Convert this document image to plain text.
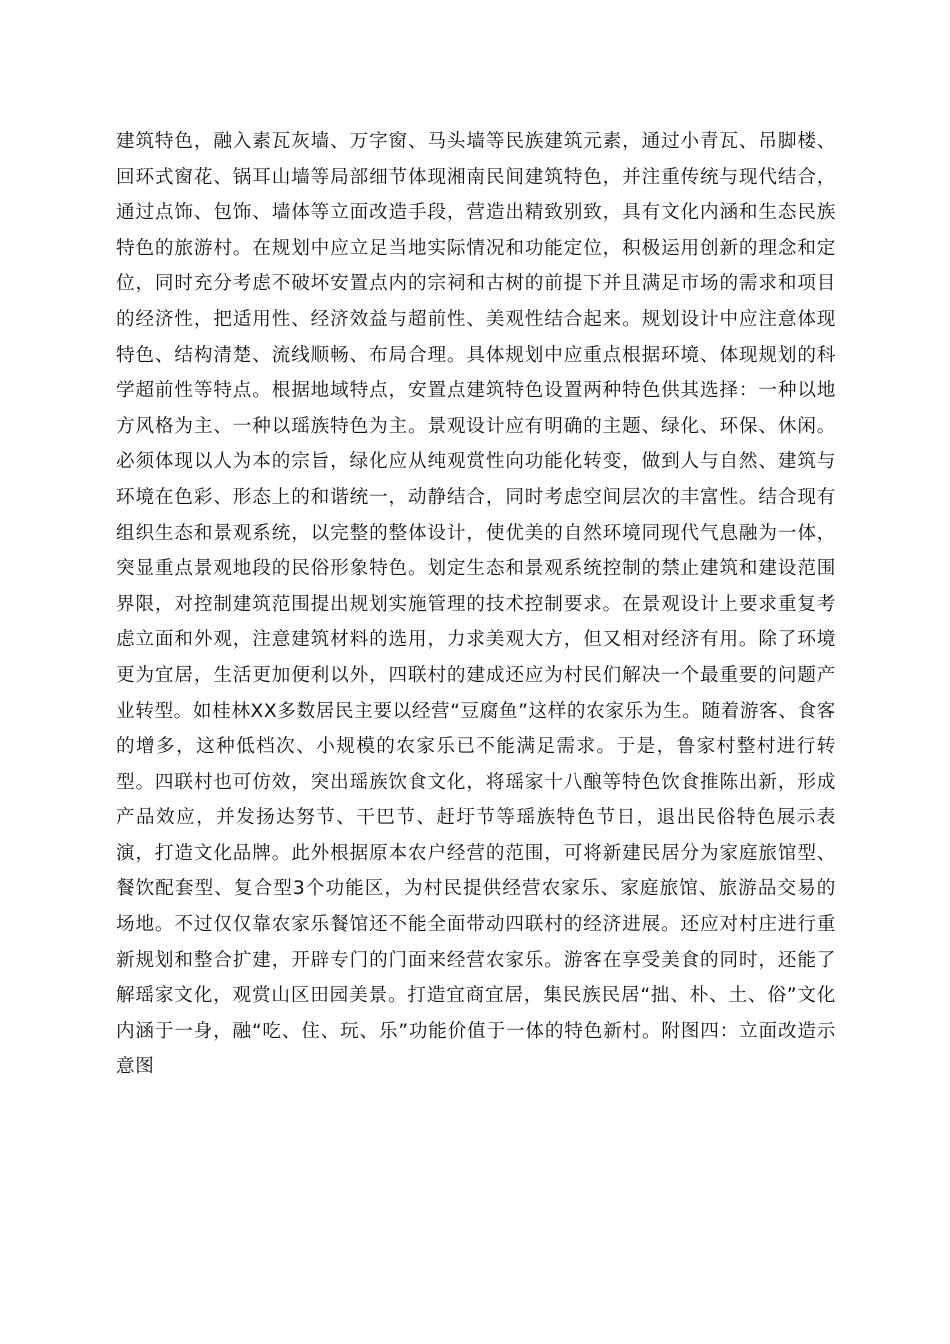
建筑特色，融入素瓦灰墙、万字窗、马头墙等民族建筑元素，通过小青瓦、吊脚楼、回环式窗花、锅耳山墙等局部细节体现湘南民间建筑特色，并注重传统与现代结合，通过点饰、包饰、墙体等立面改造手段，营造出精致别致，具有文化内涵和生态民族特色的旅游村。在规划中应立足当地实际情况和功能定位，积极运用创新的理念和定位，同时充分考虑不破坏安置点内的宗祠和古树的前提下并且满足市场的需求和项目的经济性，把适用性、经济效益与超前性、美观性结合起来。规划设计中应注意体现特色、结构清楚、流线顺畅、布局合理。具体规划中应重点根据环境、体现规划的科学超前性等特点。根据地域特点，安置点建筑特色设置两种特色供其选择：一种以地方风格为主、一种以瑶族特色为主。景观设计应有明确的主题、绿化、环保、休闲。必须体现以人为本的宗旨，绿化应从纯观赏性向功能化转变，做到人与自然、建筑与环境在色彩、形态上的和谐统一，动静结合，同时考虑空间层次的丰富性。结合现有组织生态和景观系统，以完整的整体设计，使优美的自然环境同现代气息融为一体，突显重点景观地段的民俗形象特色。划定生态和景观系统控制的禁止建筑和建设范围界限，对控制建筑范围提出规划实施管理的技术控制要求。在景观设计上要求重复考虑立面和外观，注意建筑材料的选用，力求美观大方，但又相对经济有用。除了环境更为宜居，生活更加便利以外，四联村的建成还应为村民们解决一个最重要的问题产业转型。如桂林XX多数居民主要以经营“豆腐鱼”这样的农家乐为生。随着游客、食客的增多，这种低档次、小规模的农家乐已不能满足需求。于是，鲁家村整村进行转型。四联村也可仿效，突出瑶族饮食文化，将瑶家十八酿等特色饮食推陈出新，形成产品效应，并发扬达努节、干巴节、赶圩节等瑶族特色节日，退出民俗特色展示表演，打造文化品牌。此外根据原本农户经营的范围，可将新建民居分为家庭旅馆型、餐饮配套型、复合型3个功能区，为村民提供经营农家乐、家庭旅馆、旅游品交易的场地。不过仅仅靠农家乐餐馆还不能全面带动四联村的经济进展。还应对村庄进行重新规划和整合扩建，开辟专门的门面来经营农家乐。游客在享受美食的同时，还能了解瑶家文化，观赏山区田园美景。打造宜商宜居，集民族民居“拙、朴、土、俗”文化内涵于一身，融“吃、住、玩、乐”功能价值于一体的特色新村。附图四：立面改造示意图
